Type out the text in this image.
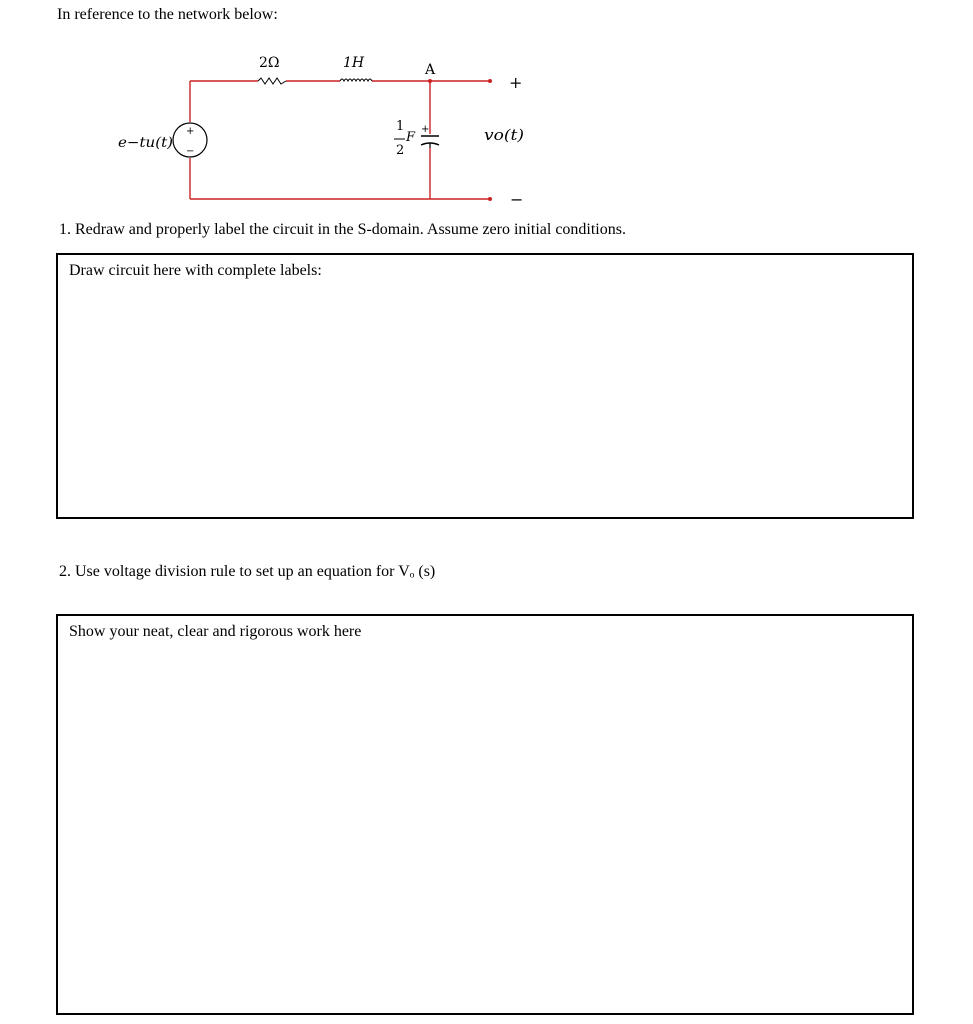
In reference to the network below:

+
+
−
2Ω	1H	A
+
−
e−tu(t)
1
2
F	vo(t)

1. Redraw and properly label the circuit in the S-domain. Assume zero initial conditions.

Draw circuit here with complete labels:

2. Use voltage division rule to set up an equation for Vₒ (s)

Show your neat, clear and rigorous work here
